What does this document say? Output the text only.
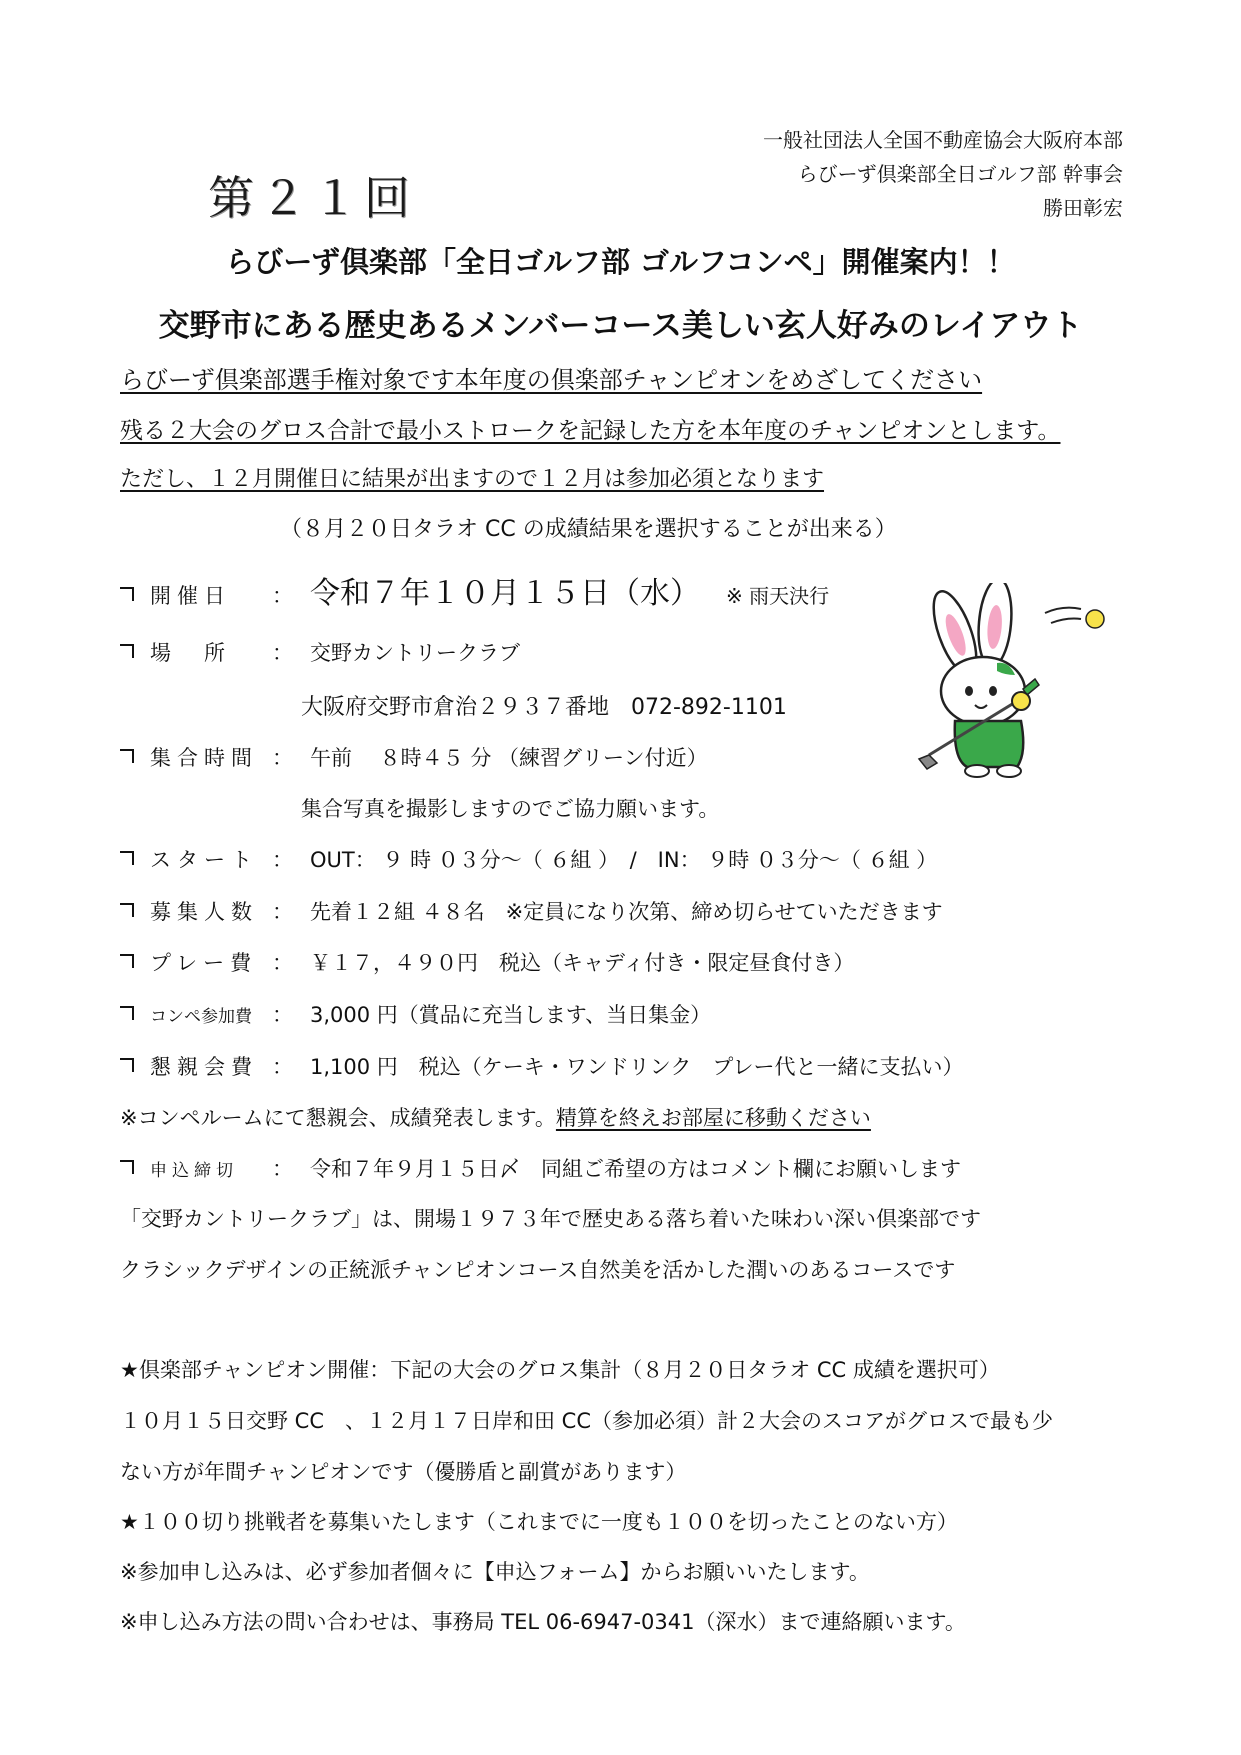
一般社団法人全国不動産協会大阪府本部
らびーず倶楽部全日ゴルフ部 幹事会
勝田彰宏
第２１回
らびーず倶楽部「全日ゴルフ部 ゴルフコンペ」開催案内！！
交野市にある歴史あるメンバーコース美しい玄人好みのレイアウト
らびーず倶楽部選手権対象です本年度の倶楽部チャンピオンをめざしてください
残る２大会のグロス合計で最小ストロークを記録した方を本年度のチャンピオンとします。
ただし、１２月開催日に結果が出ますので１２月は参加必須となります
（８月２０日タラオ CC の成績結果を選択することが出来る）
開催日 ： 令和７年１０月１５日（水） ※ 雨天決行
場　所 ： 交野カントリークラブ
大阪府交野市倉治２９３７番地　072-892-1101
集合時間 ： 午前　 ８時４５ 分 （練習グリーン付近）
集合写真を撮影しますのでご協力願います。
スタート ： OUT： ９ 時 ０３分～（ ６組 ）　/　IN： ９時 ０３分～（ ６組 ）
募集人数 ： 先着１２組 ４８名　※定員になり次第、締め切らせていただきます
プレー費 ： ￥１７，４９０円　税込（キャディ付き・限定昼食付き）
コンペ参加費 ： 3,000 円（賞品に充当します、当日集金）
懇親会費 ： 1,100 円　税込（ケーキ・ワンドリンク　プレー代と一緒に支払い）
※コンペルームにて懇親会、成績発表します。精算を終えお部屋に移動ください
申込締切 ： 令和７年９月１５日〆　同組ご希望の方はコメント欄にお願いします
「交野カントリークラブ」は、開場１９７３年で歴史ある落ち着いた味わい深い倶楽部です
クラシックデザインの正統派チャンピオンコース自然美を活かした潤いのあるコースです
★倶楽部チャンピオン開催：下記の大会のグロス集計（８月２０日タラオ CC 成績を選択可）
１０月１５日交野 CC　、１２月１７日岸和田 CC（参加必須）計２大会のスコアがグロスで最も少
ない方が年間チャンピオンです（優勝盾と副賞があります）
★１００切り挑戦者を募集いたします（これまでに一度も１００を切ったことのない方）
※参加申し込みは、必ず参加者個々に【申込フォーム】からお願いいたします。
※申し込み方法の問い合わせは、事務局 TEL 06-6947-0341（深水）まで連絡願います。
